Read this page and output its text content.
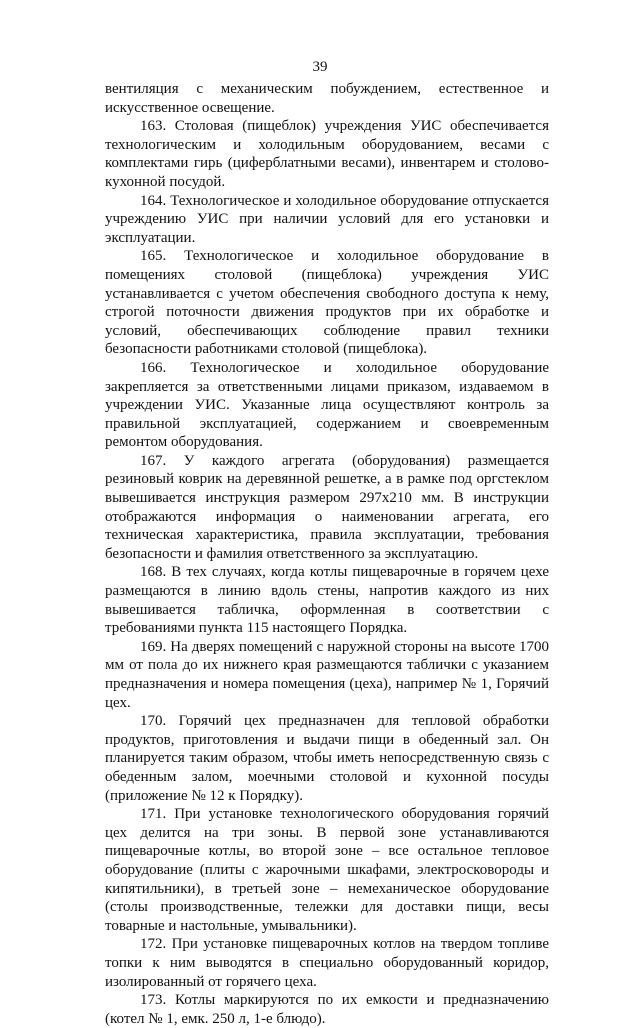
39

вентиляция с механическим побуждением, естественное и искусственное освещение.

163. Столовая (пищеблок) учреждения УИС обеспечивается технологическим и холодильным оборудованием, весами с комплектами гирь (циферблатными весами), инвентарем и столово-кухонной посудой.

164. Технологическое и холодильное оборудование отпускается учреждению УИС при наличии условий для его установки и эксплуатации.

165. Технологическое и холодильное оборудование в помещениях столовой (пищеблока) учреждения УИС устанавливается с учетом обеспечения свободного доступа к нему, строгой поточности движения продуктов при их обработке и условий, обеспечивающих соблюдение правил техники безопасности работниками столовой (пищеблока).

166. Технологическое и холодильное оборудование закрепляется за ответственными лицами приказом, издаваемом в учреждении УИС. Указанные лица осуществляют контроль за правильной эксплуатацией, содержанием и своевременным ремонтом оборудования.

167. У каждого агрегата (оборудования) размещается резиновый коврик на деревянной решетке, а в рамке под оргстеклом вывешивается инструкция размером 297х210 мм. В инструкции отображаются информация о наименовании агрегата, его техническая характеристика, правила эксплуатации, требования безопасности и фамилия ответственного за эксплуатацию.

168. В тех случаях, когда котлы пищеварочные в горячем цехе размещаются в линию вдоль стены, напротив каждого из них вывешивается табличка, оформленная в соответствии с требованиями пункта 115 настоящего Порядка.

169. На дверях помещений с наружной стороны на высоте 1700 мм от пола до их нижнего края размещаются таблички с указанием предназначения и номера помещения (цеха), например № 1, Горячий цех.

170. Горячий цех предназначен для тепловой обработки продуктов, приготовления и выдачи пищи в обеденный зал. Он планируется таким образом, чтобы иметь непосредственную связь с обеденным залом, моечными столовой и кухонной посуды (приложение № 12 к Порядку).

171. При установке технологического оборудования горячий цех делится на три зоны. В первой зоне устанавливаются пищеварочные котлы, во второй зоне – все остальное тепловое оборудование (плиты с жарочными шкафами, электросковороды и кипятильники), в третьей зоне – немеханическое оборудование (столы производственные, тележки для доставки пищи, весы товарные и настольные, умывальники).

172. При установке пищеварочных котлов на твердом топливе топки к ним выводятся в специально оборудованный коридор, изолированный от горячего цеха.

173. Котлы маркируются по их емкости и предназначению (котел № 1, емк. 250 л, 1-е блюдо).
